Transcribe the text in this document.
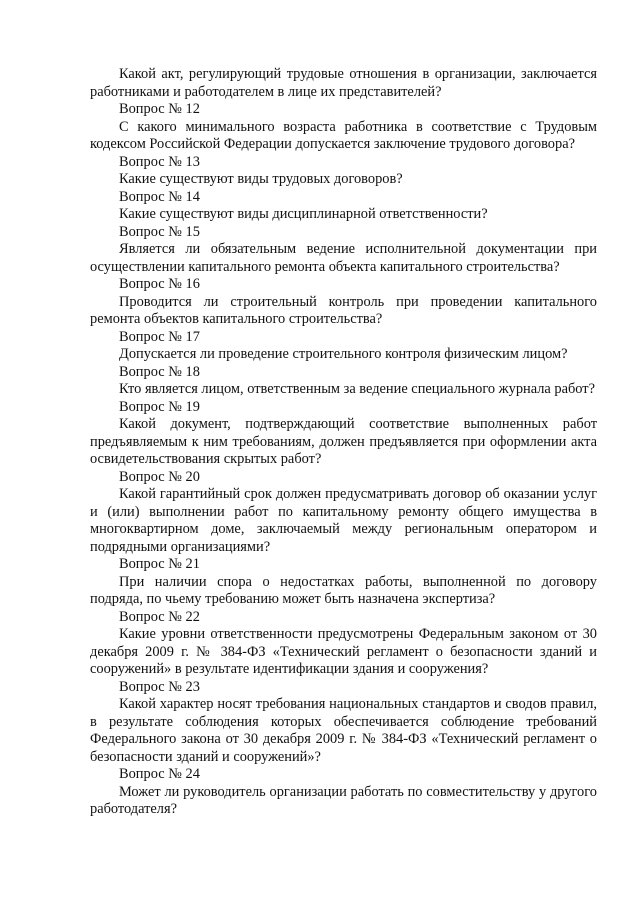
Какой акт, регулирующий трудовые отношения в организации, заключается работниками и работодателем в лице их представителей?

Вопрос № 12

С какого минимального возраста работника в соответствие с Трудовым кодексом Российской Федерации допускается заключение трудового договора?

Вопрос № 13

Какие существуют виды трудовых договоров?

Вопрос № 14

Какие существуют виды дисциплинарной ответственности?

Вопрос № 15

Является ли обязательным ведение исполнительной документации при осуществлении капитального ремонта объекта капитального строительства?

Вопрос № 16

Проводится ли строительный контроль при проведении капитального ремонта объектов капитального строительства?

Вопрос № 17

Допускается ли проведение строительного контроля физическим лицом?

Вопрос № 18

Кто является лицом, ответственным за ведение специального журнала работ?

Вопрос № 19

Какой документ, подтверждающий соответствие выполненных работ предъявляемым к ним требованиям, должен предъявляется при оформлении акта освидетельствования скрытых работ?

Вопрос № 20

Какой гарантийный срок должен предусматривать договор об оказании услуг и (или) выполнении работ по капитальному ремонту общего имущества в многоквартирном доме, заключаемый между региональным оператором и подрядными организациями?

Вопрос № 21

При наличии спора о недостатках работы, выполненной по договору подряда, по чьему требованию может быть назначена экспертиза?

Вопрос № 22

Какие уровни ответственности предусмотрены Федеральным законом от 30 декабря 2009 г. № 384-ФЗ «Технический регламент о безопасности зданий и сооружений» в результате идентификации здания и сооружения?

Вопрос № 23

Какой характер носят требования национальных стандартов и сводов правил, в результате соблюдения которых обеспечивается соблюдение требований Федерального закона от 30 декабря 2009 г. № 384-ФЗ «Технический регламент о безопасности зданий и сооружений»?

Вопрос № 24

Может ли руководитель организации работать по совместительству у другого работодателя?
